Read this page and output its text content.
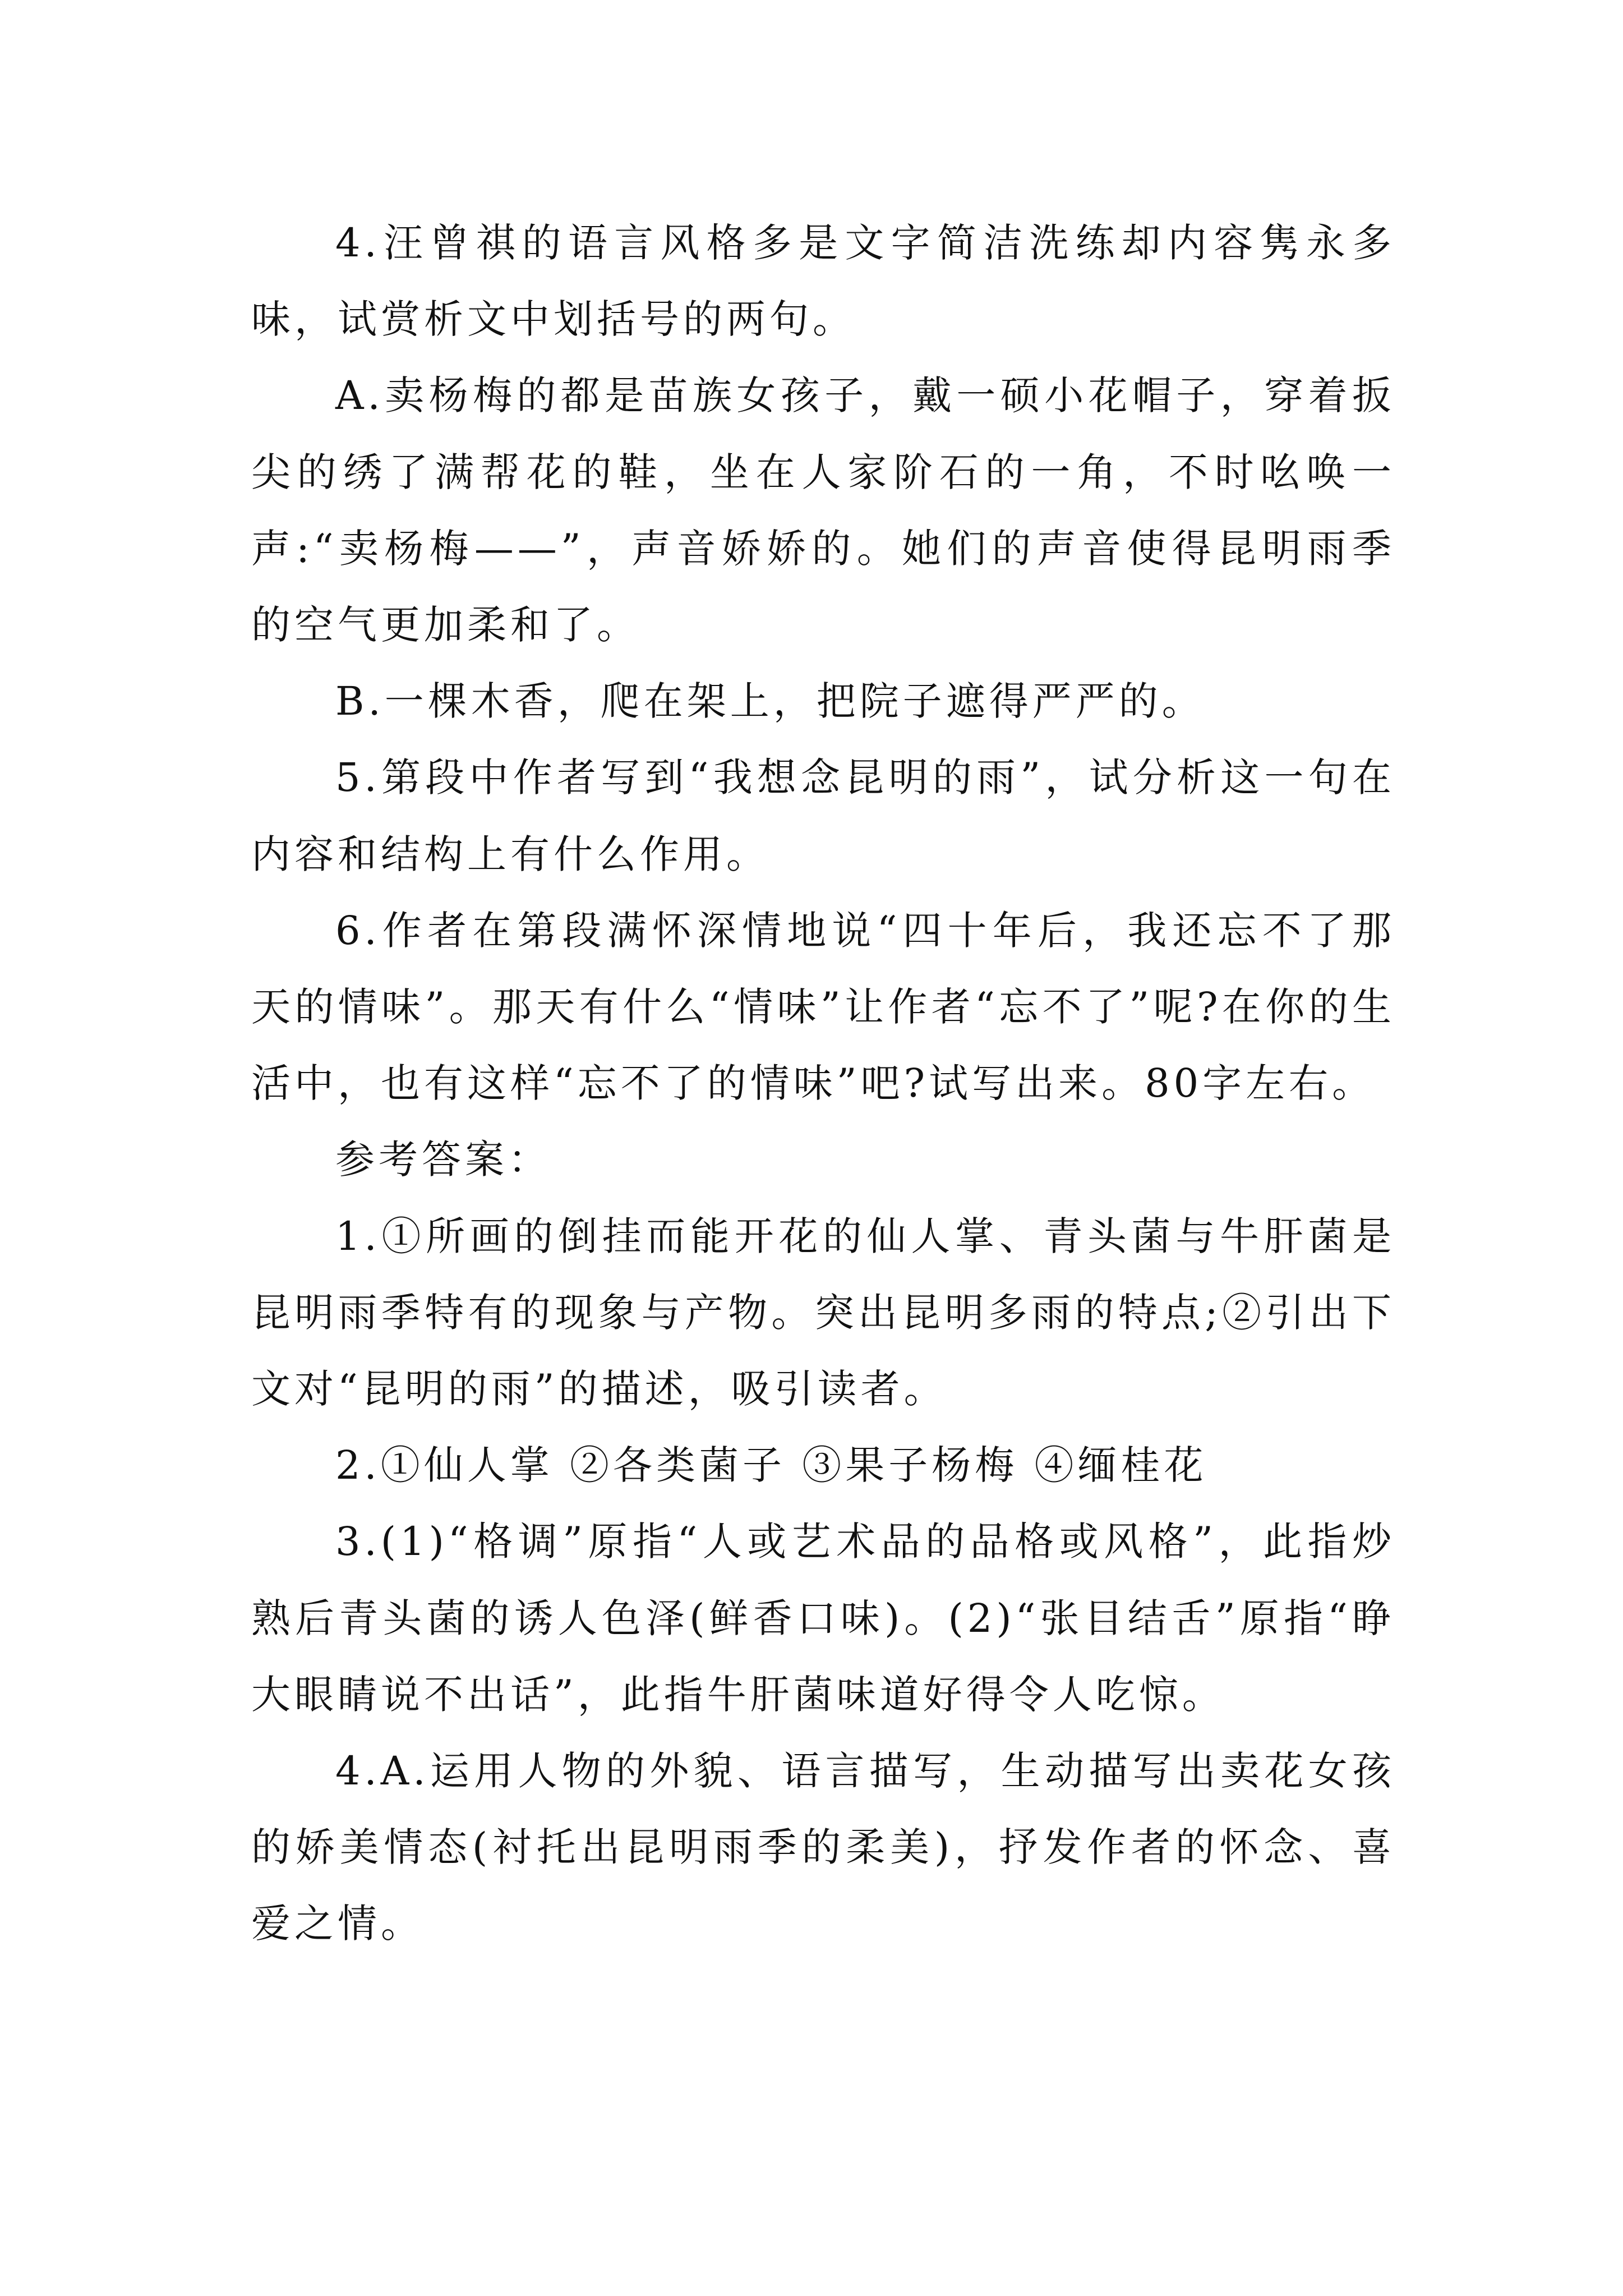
4.汪曾祺的语言风格多是文字简洁洗练却内容隽永多味，试赏析文中划括号的两句。

A.卖杨梅的都是苗族女孩子，戴一硕小花帽子，穿着扳尖的绣了满帮花的鞋，坐在人家阶石的一角，不时吆唤一声:“卖杨梅——”，声音娇娇的。她们的声音使得昆明雨季的空气更加柔和了。

B.一棵木香，爬在架上，把院子遮得严严的。

5.第段中作者写到“我想念昆明的雨”，试分析这一句在内容和结构上有什么作用。

6.作者在第段满怀深情地说“四十年后，我还忘不了那天的情味”。那天有什么“情味”让作者“忘不了”呢?在你的生活中，也有这样“忘不了的情味”吧?试写出来。80字左右。

参考答案：

1.①所画的倒挂而能开花的仙人掌、青头菌与牛肝菌是昆明雨季特有的现象与产物。突出昆明多雨的特点;②引出下文对“昆明的雨”的描述，吸引读者。

2.①仙人掌 ②各类菌子 ③果子杨梅 ④缅桂花

3.(1)“格调”原指“人或艺术品的品格或风格”，此指炒熟后青头菌的诱人色泽(鲜香口味)。(2)“张目结舌”原指“睁大眼睛说不出话”，此指牛肝菌味道好得令人吃惊。

4.A.运用人物的外貌、语言描写，生动描写出卖花女孩的娇美情态(衬托出昆明雨季的柔美)，抒发作者的怀念、喜爱之情。
